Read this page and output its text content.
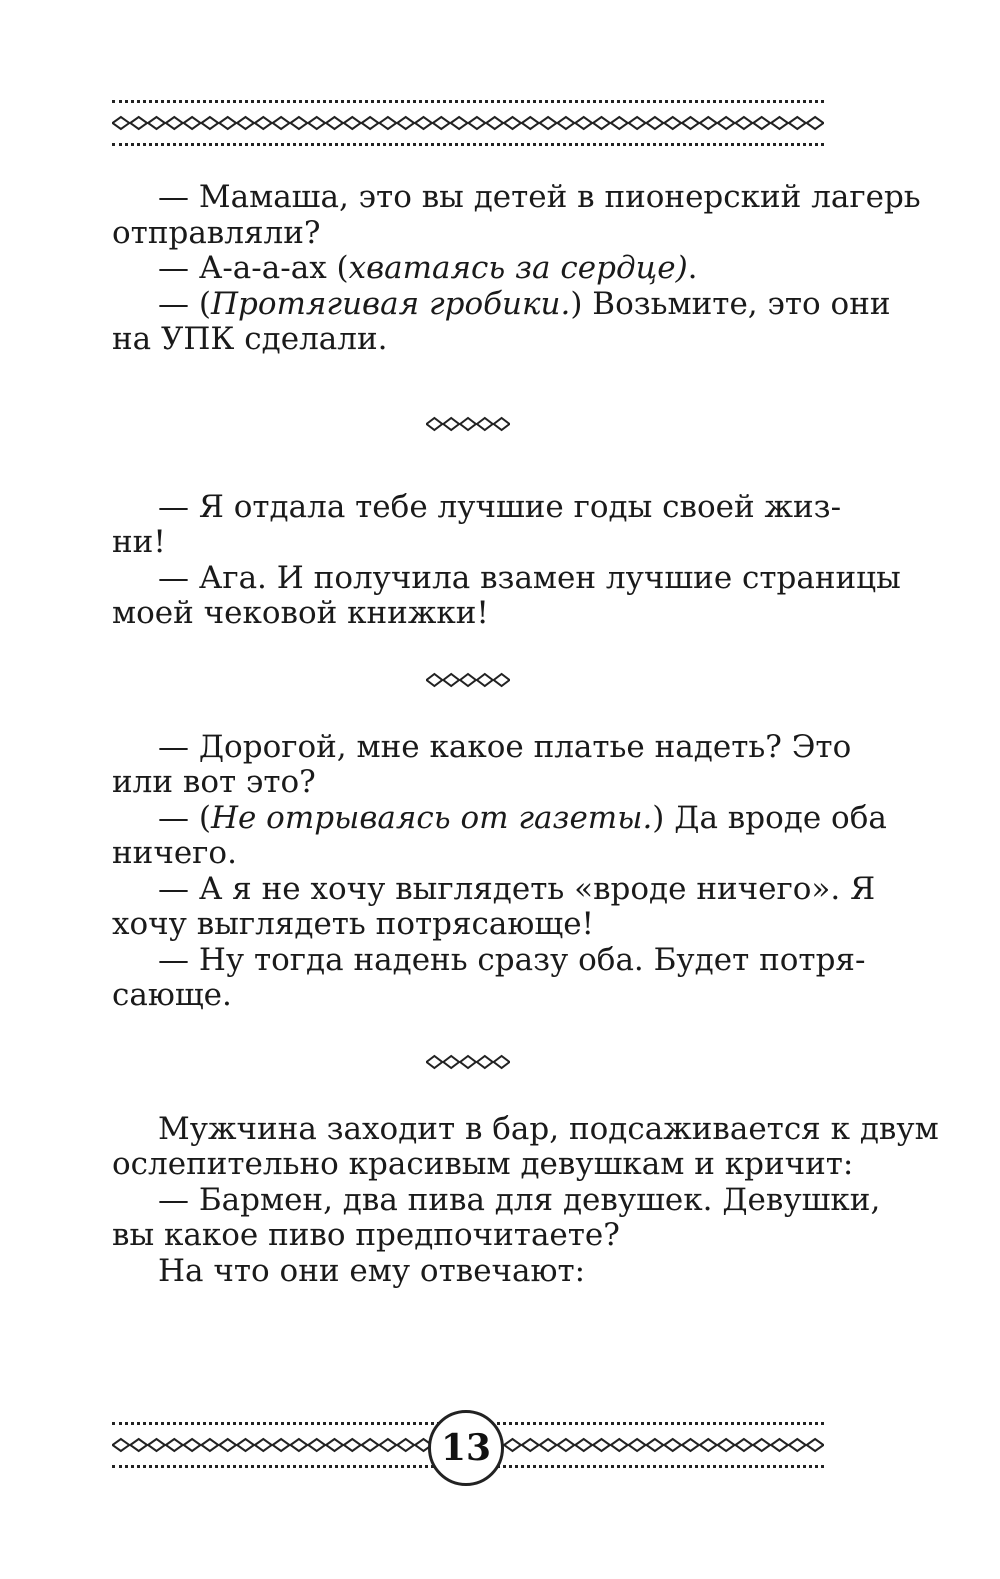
— Мамаша, это вы детей в пионерский лагерь
отправляли?
— А-а-а-ах (хватаясь за сердце).
— (Протягивая гробики.) Возьмите, это они
на УПК сделали.
— Я отдала тебе лучшие годы своей жиз-
ни!
— Ага. И получила взамен лучшие страницы
моей чековой книжки!
— Дорогой, мне какое платье надеть? Это
или вот это?
— (Не отрываясь от газеты.) Да вроде оба
ничего.
— А я не хочу выглядеть «вроде ничего». Я
хочу выглядеть потрясающе!
— Ну тогда надень сразу оба. Будет потря-
сающе.
Мужчина заходит в бар, подсаживается к двум
ослепительно красивым девушкам и кричит:
— Бармен, два пива для девушек. Девушки,
вы какое пиво предпочитаете?
На что они ему отвечают:
13
